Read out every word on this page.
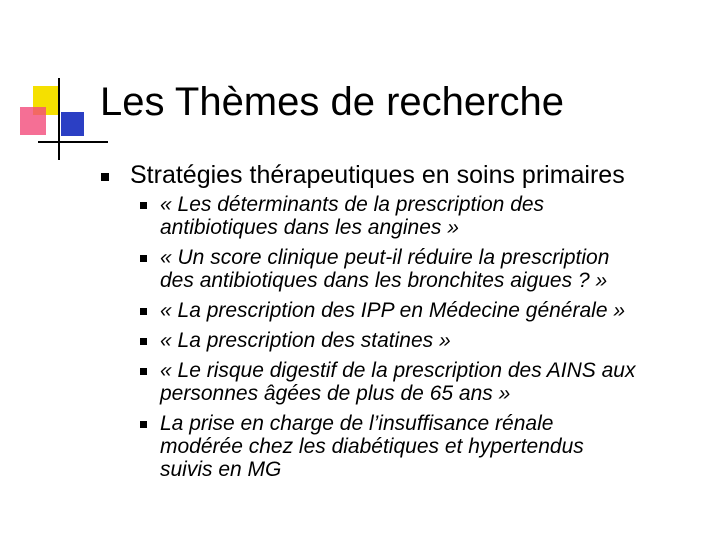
Les Thèmes de recherche
Stratégies thérapeutiques en soins primaires
« Les déterminants de la prescription des
antibiotiques dans les angines »
« Un score clinique peut-il réduire la prescription
des antibiotiques dans les bronchites aigues ? »
« La prescription des IPP en Médecine générale »
« La prescription des statines »
« Le risque digestif de la prescription des AINS aux
personnes âgées de plus de 65 ans »
La prise en charge de l’insuffisance rénale
modérée chez les diabétiques et hypertendus
suivis en MG
